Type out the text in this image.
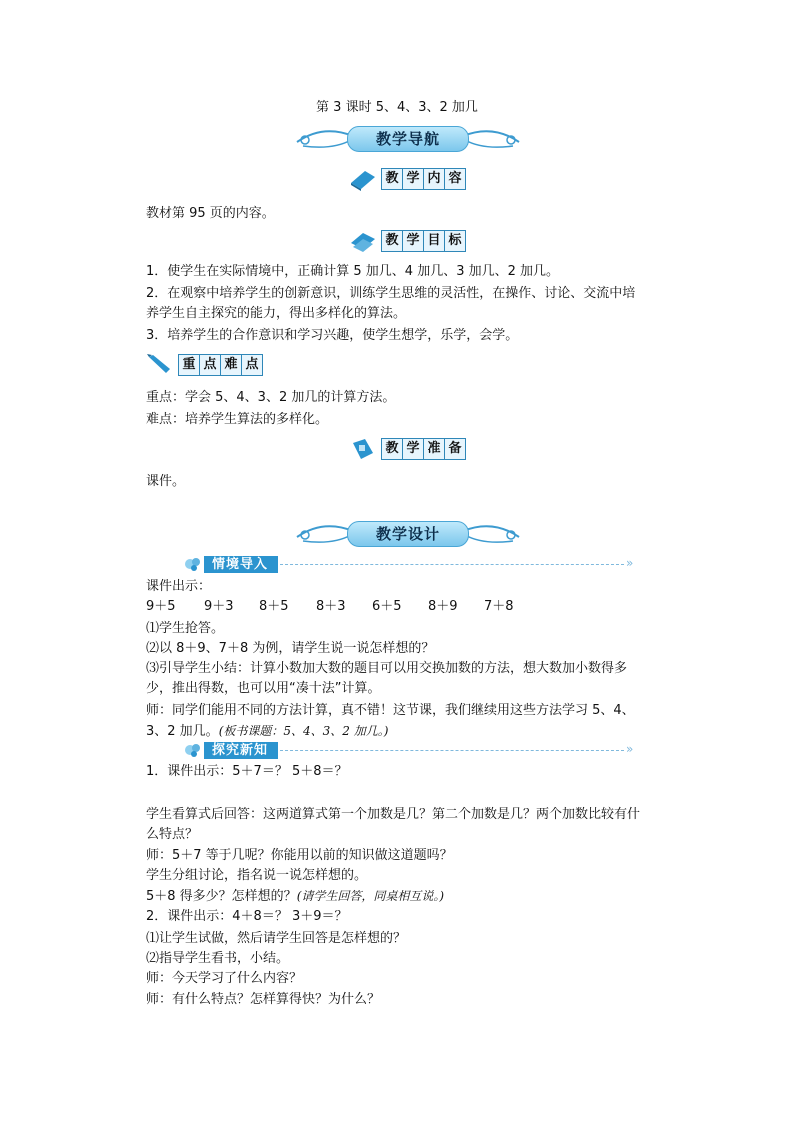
第 3 课时 5、4、3、2 加几
教学导航
教 学 内 容
教材第 95 页的内容。
教 学 目 标
1．使学生在实际情境中，正确计算 5 加几、4 加几、3 加几、2 加几。
2．在观察中培养学生的创新意识，训练学生思维的灵活性，在操作、讨论、交流中培
养学生自主探究的能力，得出多样化的算法。
3．培养学生的合作意识和学习兴趣，使学生想学，乐学，会学。
重 点 难 点
重点：学会 5、4、3、2 加几的计算方法。
难点：培养学生算法的多样化。
教 学 准 备
课件。
教学设计
情境导入	»
课件出示：
9＋5 9＋3 8＋5 8＋3 6＋5 8＋9 7＋8
⑴学生抢答。
⑵以 8＋9、7＋8 为例，请学生说一说怎样想的？
⑶引导学生小结：计算小数加大数的题目可以用交换加数的方法，想大数加小数得多
少，推出得数，也可以用“凑十法”计算。
师：同学们能用不同的方法计算，真不错！这节课，我们继续用这些方法学习 5、4、
3、2 加几。(板书课题：5、4、3、2 加几。)
探究新知	»
1．课件出示：5＋7＝？ 5＋8＝？
学生看算式后回答：这两道算式第一个加数是几？第二个加数是几？两个加数比较有什
么特点？
师：5＋7 等于几呢？你能用以前的知识做这道题吗？
学生分组讨论，指名说一说怎样想的。
5＋8 得多少？怎样想的？(请学生回答，同桌相互说。)
2．课件出示：4＋8＝？ 3＋9＝？
⑴让学生试做，然后请学生回答是怎样想的？
⑵指导学生看书，小结。
师：今天学习了什么内容？
师：有什么特点？怎样算得快？为什么？
